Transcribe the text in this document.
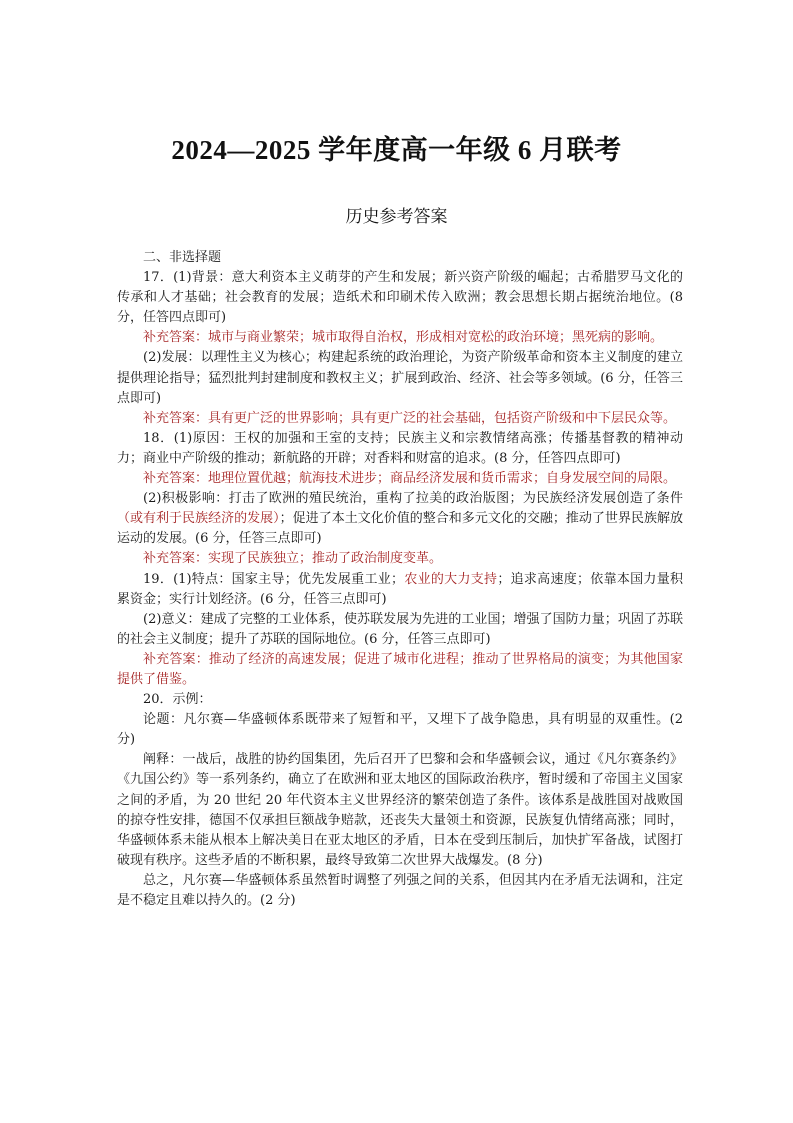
2024—2025 学年度高一年级 6 月联考
历史参考答案

二、非选择题

17．(1)背景：意大利资本主义萌芽的产生和发展；新兴资产阶级的崛起；古希腊罗马文化的传承和人才基础；社会教育的发展；造纸术和印刷术传入欧洲；教会思想长期占据统治地位。(8 分，任答四点即可)

补充答案：城市与商业繁荣；城市取得自治权，形成相对宽松的政治环境；黑死病的影响。

(2)发展：以理性主义为核心；构建起系统的政治理论，为资产阶级革命和资本主义制度的建立提供理论指导；猛烈批判封建制度和教权主义；扩展到政治、经济、社会等多领域。(6 分，任答三点即可)

补充答案：具有更广泛的世界影响；具有更广泛的社会基础，包括资产阶级和中下层民众等。

18．(1)原因：王权的加强和王室的支持；民族主义和宗教情绪高涨；传播基督教的精神动力；商业中产阶级的推动；新航路的开辟；对香料和财富的追求。(8 分，任答四点即可)

补充答案：地理位置优越；航海技术进步；商品经济发展和货币需求；自身发展空间的局限。

(2)积极影响：打击了欧洲的殖民统治，重构了拉美的政治版图；为民族经济发展创造了条件（或有利于民族经济的发展）；促进了本土文化价值的整合和多元文化的交融；推动了世界民族解放运动的发展。(6 分，任答三点即可)

补充答案：实现了民族独立；推动了政治制度变革。

19．(1)特点：国家主导；优先发展重工业；农业的大力支持；追求高速度；依靠本国力量积累资金；实行计划经济。(6 分，任答三点即可)

(2)意义：建成了完整的工业体系，使苏联发展为先进的工业国；增强了国防力量；巩固了苏联的社会主义制度；提升了苏联的国际地位。(6 分，任答三点即可)

补充答案：推动了经济的高速发展；促进了城市化进程；推动了世界格局的演变；为其他国家提供了借鉴。

20．示例：

论题：凡尔赛—华盛顿体系既带来了短暂和平，又埋下了战争隐患，具有明显的双重性。(2 分)

阐释：一战后，战胜的协约国集团，先后召开了巴黎和会和华盛顿会议，通过《凡尔赛条约》《九国公约》等一系列条约，确立了在欧洲和亚太地区的国际政治秩序，暂时缓和了帝国主义国家之间的矛盾，为 20 世纪 20 年代资本主义世界经济的繁荣创造了条件。该体系是战胜国对战败国的掠夺性安排，德国不仅承担巨额战争赔款，还丧失大量领土和资源，民族复仇情绪高涨；同时，华盛顿体系未能从根本上解决美日在亚太地区的矛盾，日本在受到压制后，加快扩军备战，试图打破现有秩序。这些矛盾的不断积累，最终导致第二次世界大战爆发。(8 分)

总之，凡尔赛—华盛顿体系虽然暂时调整了列强之间的关系，但因其内在矛盾无法调和，注定是不稳定且难以持久的。(2 分)
